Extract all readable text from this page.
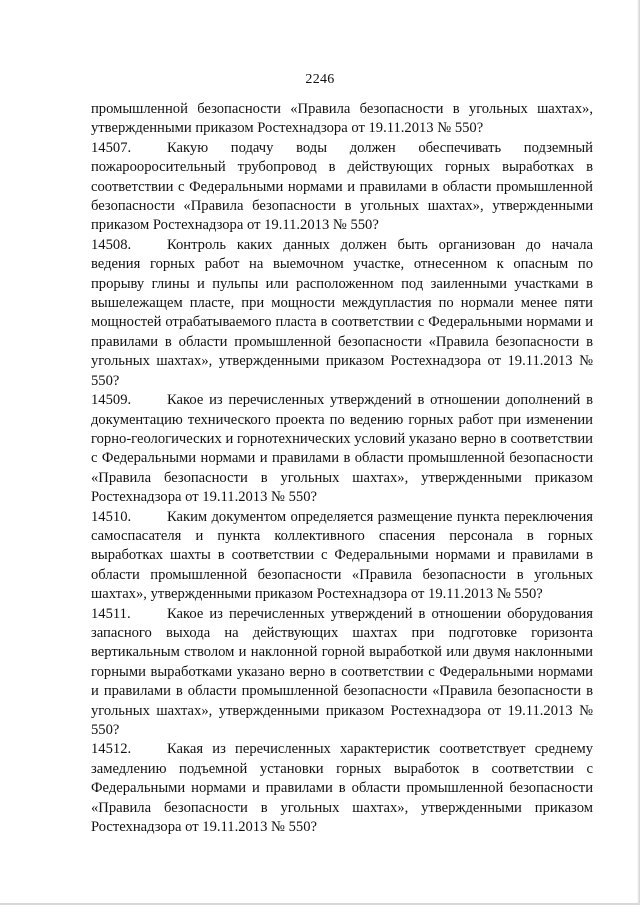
2246

промышленной безопасности «Правила безопасности в угольных шахтах», утвержденными приказом Ростехнадзора от 19.11.2013 № 550?

14507. Какую подачу воды должен обеспечивать подземный пожарооросительный трубопровод в действующих горных выработках в соответствии с Федеральными нормами и правилами в области промышленной безопасности «Правила безопасности в угольных шахтах», утвержденными приказом Ростехнадзора от 19.11.2013 № 550?

14508. Контроль каких данных должен быть организован до начала ведения горных работ на выемочном участке, отнесенном к опасным по прорыву глины и пульпы или расположенном под заиленными участками в вышележащем пласте, при мощности междупластия по нормали менее пяти мощностей отрабатываемого пласта в соответствии с Федеральными нормами и правилами в области промышленной безопасности «Правила безопасности в угольных шахтах», утвержденными приказом Ростехнадзора от 19.11.2013 № 550?

14509. Какое из перечисленных утверждений в отношении дополнений в документацию технического проекта по ведению горных работ при изменении горно-геологических и горнотехнических условий указано верно в соответствии с Федеральными нормами и правилами в области промышленной безопасности «Правила безопасности в угольных шахтах», утвержденными приказом Ростехнадзора от 19.11.2013 № 550?

14510. Каким документом определяется размещение пункта переключения самоспасателя и пункта коллективного спасения персонала в горных выработках шахты в соответствии с Федеральными нормами и правилами в области промышленной безопасности «Правила безопасности в угольных шахтах», утвержденными приказом Ростехнадзора от 19.11.2013 № 550?

14511. Какое из перечисленных утверждений в отношении оборудования запасного выхода на действующих шахтах при подготовке горизонта вертикальным стволом и наклонной горной выработкой или двумя наклонными горными выработками указано верно в соответствии с Федеральными нормами и правилами в области промышленной безопасности «Правила безопасности в угольных шахтах», утвержденными приказом Ростехнадзора от 19.11.2013 № 550?

14512. Какая из перечисленных характеристик соответствует среднему замедлению подъемной установки горных выработок в соответствии с Федеральными нормами и правилами в области промышленной безопасности «Правила безопасности в угольных шахтах», утвержденными приказом Ростехнадзора от 19.11.2013 № 550?
